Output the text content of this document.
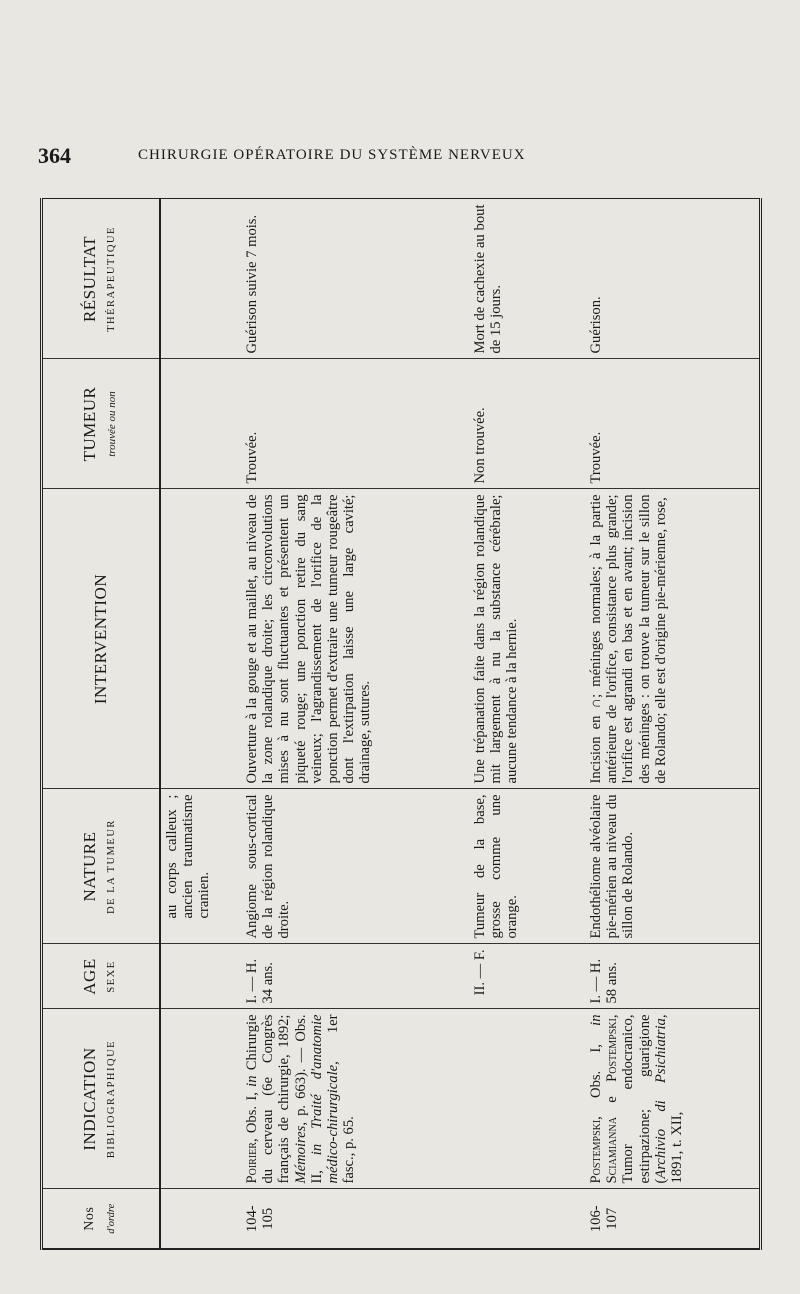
364	CHIRURGIE OPÉRATOIRE DU SYSTÈME NERVEUX
Nos d'ordre	INDICATION BIBLIOGRAPHIQUE	AGE SEXE	NATURE DE LA TUMEUR	INTERVENTION	TUMEUR trouvée ou non	RÉSULTAT THÉRAPEUTIQUE

			au corps calleux ; ancien traumatisme cranien.			

104-105	Poirier, Obs. I, in Chirurgie du cerveau (6e Congrès français de chirurgie, 1892; Mémoires, p. 663). — Obs. II, in Traité d'anatomie médico-chirurgicale, 1er fasc., p. 65.	I. — H. 34 ans.	Angiome sous-cortical de la région rolandique droite.	Ouverture à la gouge et au maillet, au niveau de la zone rolandique droite; les circonvolutions mises à nu sont fluctuantes et présentent un piqueté rouge; une ponction retire du sang veineux; l'agrandissement de l'orifice de la ponction permet d'extraire une tumeur rougeâtre dont l'extirpation laisse une large cavité; drainage, sutures.	Trouvée.	Guérison suivie 7 mois.

		II. — F.	Tumeur de la base, grosse comme une orange.	Une trépanation faite dans la région rolandique mit largement à nu la substance cérébrale; aucune tendance à la hernie.	Non trouvée.	Mort de cachexie au bout de 15 jours.

106-107	Postempski, Obs. I, in Sciamianna e Postempski, Tumor endocranico, estirpazione; guarigione (Archivio di Psichiatria, 1891, t. XII,	I. — H. 58 ans.	Endothéliome alvéolaire pie-mérien au niveau du sillon de Rolando.	Incision en ∩; méninges normales; à la partie antérieure de l'orifice, consistance plus grande; l'orifice est agrandi en bas et en avant; incision des méninges : on trouve la tumeur sur le sillon de Rolando; elle est d'origine pie-mérienne, rose,	Trouvée.	Guérison.
